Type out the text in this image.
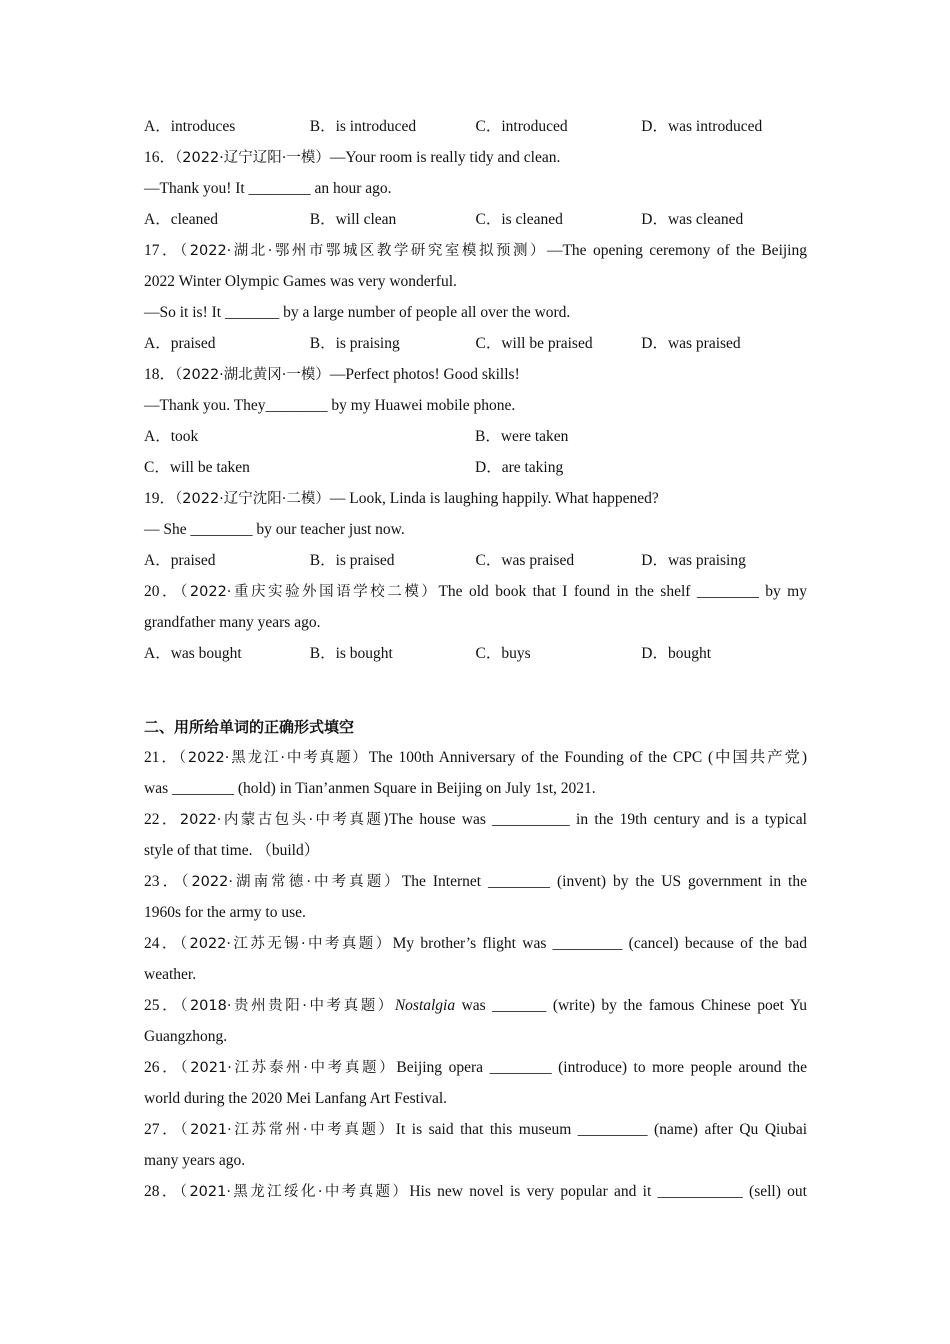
A．introduces	B．is introduced	C．introduced	D．was introduced
16．（2022·辽宁辽阳·一模）—Your room is really tidy and clean.
—Thank you! It ________ an hour ago.
A．cleaned	B．will clean	C．is cleaned	D．was cleaned
17．（2022·湖北·鄂州市鄂城区教学研究室模拟预测）—The opening ceremony of the Beijing
2022 Winter Olympic Games was very wonderful.
—So it is! It _______ by a large number of people all over the word.
A．praised	B．is praising	C．will be praised	D．was praised
18．（2022·湖北黄冈·一模）—Perfect photos! Good skills!
—Thank you. They________ by my Huawei mobile phone.
A．took	B．were taken
C．will be taken	D．are taking
19．（2022·辽宁沈阳·二模）— Look, Linda is laughing happily. What happened?
— She ________ by our teacher just now.
A．praised	B．is praised	C．was praised	D．was praising
20．（2022·重庆实验外国语学校二模）The old book that I found in the shelf ________ by my
grandfather many years ago.
A．was bought	B．is bought	C．buys	D．bought
二、用所给单词的正确形式填空
21．（2022·黑龙江·中考真题）The 100th Anniversary of the Founding of the CPC (中国共产党)
was ________ (hold) in Tian’anmen Square in Beijing on July 1st, 2021.
22．2022·内蒙古包头·中考真题)The house was __________ in the 19th century and is a typical
style of that time. （build）
23．（2022·湖南常德·中考真题）The Internet ________ (invent) by the US government in the
1960s for the army to use.
24．（2022·江苏无锡·中考真题）My brother’s flight was _________ (cancel) because of the bad
weather.
25．（2018·贵州贵阳·中考真题）Nostalgia was _______ (write) by the famous Chinese poet Yu
Guangzhong.
26．（2021·江苏泰州·中考真题）Beijing opera ________ (introduce) to more people around the
world during the 2020 Mei Lanfang Art Festival.
27．（2021·江苏常州·中考真题）It is said that this museum _________ (name) after Qu Qiubai
many years ago.
28．（2021·黑龙江绥化·中考真题）His new novel is very popular and it ___________ (sell) out
